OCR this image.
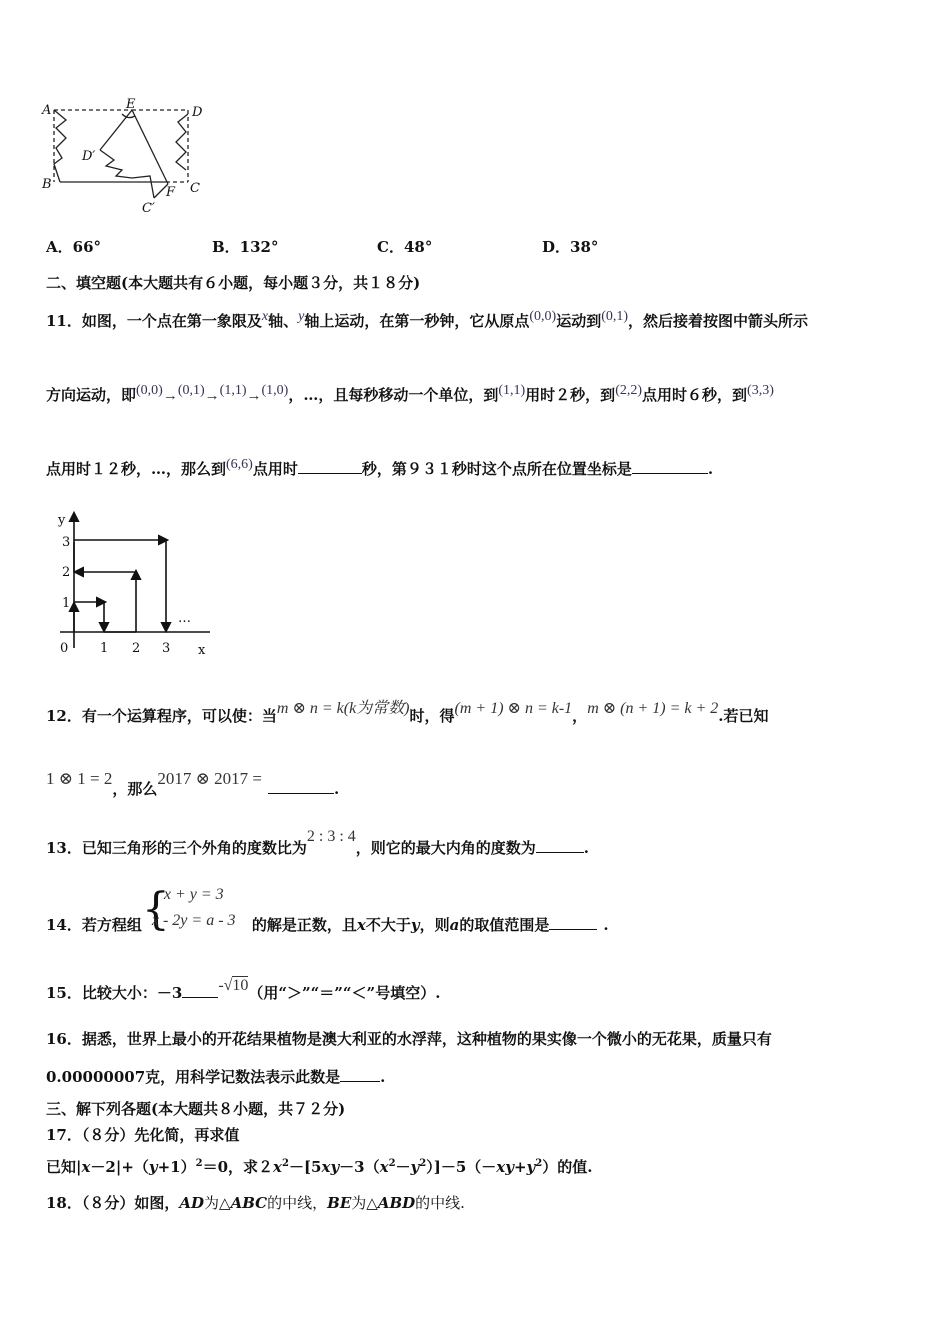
A
B
E
D
D′
F C
C′
A．66°	B．132°	C．48°	D．38°
二、填空题(本大题共有６小题，每小题３分，共１８分)
11．如图，一个点在第一象限及x轴、y轴上运动，在第一秒钟，它从原点(0,0)运动到(0,1)，然后接着按图中箭头所示
方向运动，即(0,0)→(0,1)→(1,1)→(1,0)，…，且每秒移动一个单位，到(1,1)用时２秒，到(2,2)点用时６秒，到(3,3)
点用时１２秒，…，那么到(6,6)点用时	秒，第９３１秒时这个点所在位置坐标是	.
y
x
0 1 2 3
1
2
3
…
12．有一个运算程序，可以使：当m ⊗ n = k(k为常数)时，得(m + 1) ⊗ n = k-1，m ⊗ (n + 1) = k + 2.若已知
1 ⊗ 1 = 2，那么2017 ⊗ 2017 =.
13．已知三角形的三个外角的度数比为2 : 3 : 4，则它的最大内角的度数为	.
14．若方程组 {
x + y = 3
x - 2y = a - 3 的解是正数，且x不大于y，则a的取值范围是	.
15．比较大小：－3 -√10（用“＞”“＝”“＜”号填空）.
16．据悉，世界上最小的开花结果植物是澳大利亚的水浮萍，这种植物的果实像一个微小的无花果，质量只有
0.00000007克，用科学记数法表示此数是	.
三、解下列各题(本大题共８小题，共７２分)
17．（８分）先化简，再求值
已知$|x-2|+(y+1)^2=0$，求$2x^2-[5xy-3(x^2-y^2)]-5(-xy+y^2)$的值.
18．（８分）如图，AD为△ABC的中线，BE为△ABD的中线.
